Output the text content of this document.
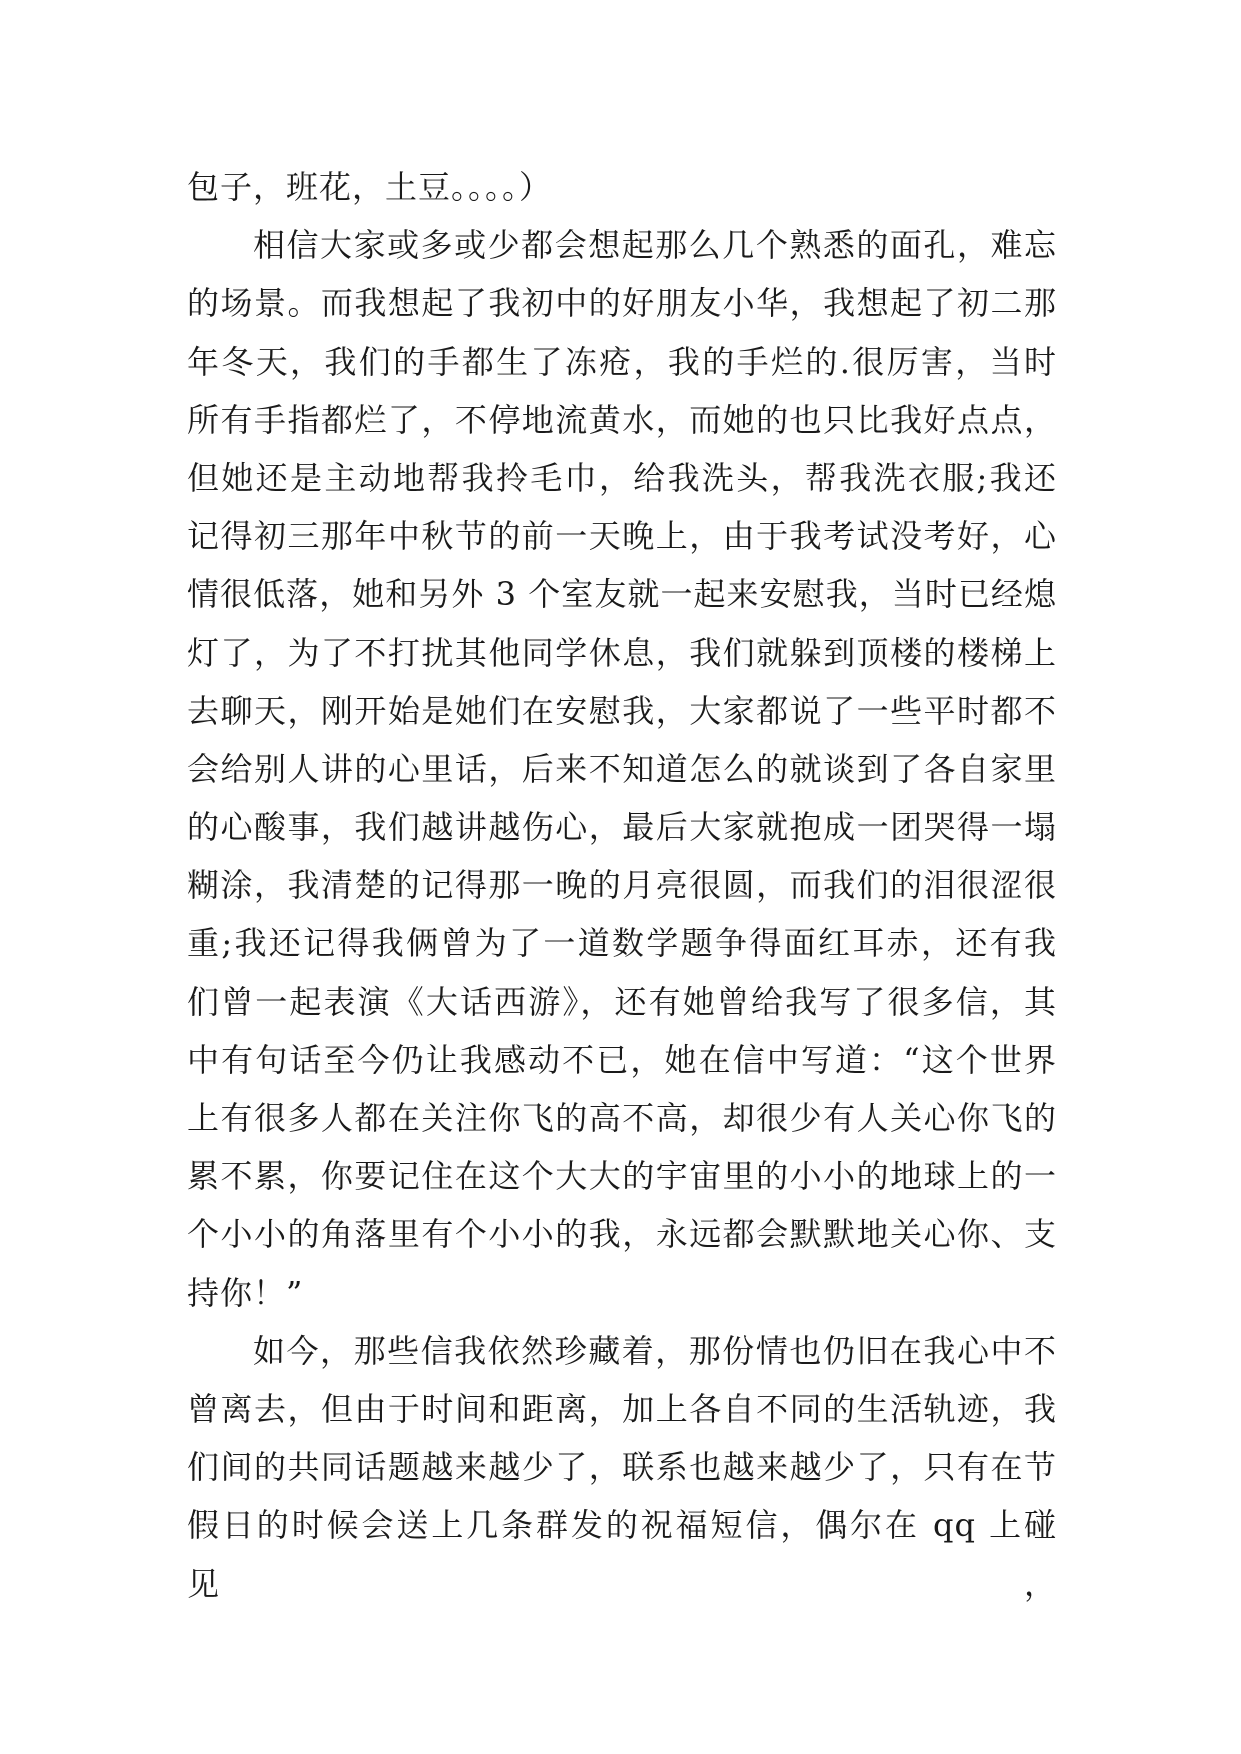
包子，班花，土豆。。。。）
相信大家或多或少都会想起那么几个熟悉的面孔，难忘
的场景。而我想起了我初中的好朋友小华，我想起了初二那
年冬天，我们的手都生了冻疮，我的手烂的.很厉害，当时
所有手指都烂了，不停地流黄水，而她的也只比我好点点，
但她还是主动地帮我拎毛巾，给我洗头，帮我洗衣服;我还
记得初三那年中秋节的前一天晚上，由于我考试没考好，心
情很低落，她和另外 3 个室友就一起来安慰我，当时已经熄
灯了，为了不打扰其他同学休息，我们就躲到顶楼的楼梯上
去聊天，刚开始是她们在安慰我，大家都说了一些平时都不
会给别人讲的心里话，后来不知道怎么的就谈到了各自家里
的心酸事，我们越讲越伤心，最后大家就抱成一团哭得一塌
糊涂，我清楚的记得那一晚的月亮很圆，而我们的泪很涩很
重;我还记得我俩曾为了一道数学题争得面红耳赤，还有我
们曾一起表演《大话西游》，还有她曾给我写了很多信，其
中有句话至今仍让我感动不已，她在信中写道：“这个世界
上有很多人都在关注你飞的高不高，却很少有人关心你飞的
累不累，你要记住在这个大大的宇宙里的小小的地球上的一
个小小的角落里有个小小的我，永远都会默默地关心你、支
持你！”
如今，那些信我依然珍藏着，那份情也仍旧在我心中不
曾离去，但由于时间和距离，加上各自不同的生活轨迹，我
们间的共同话题越来越少了，联系也越来越少了，只有在节
假日的时候会送上几条群发的祝福短信，偶尔在 qq 上碰见，
